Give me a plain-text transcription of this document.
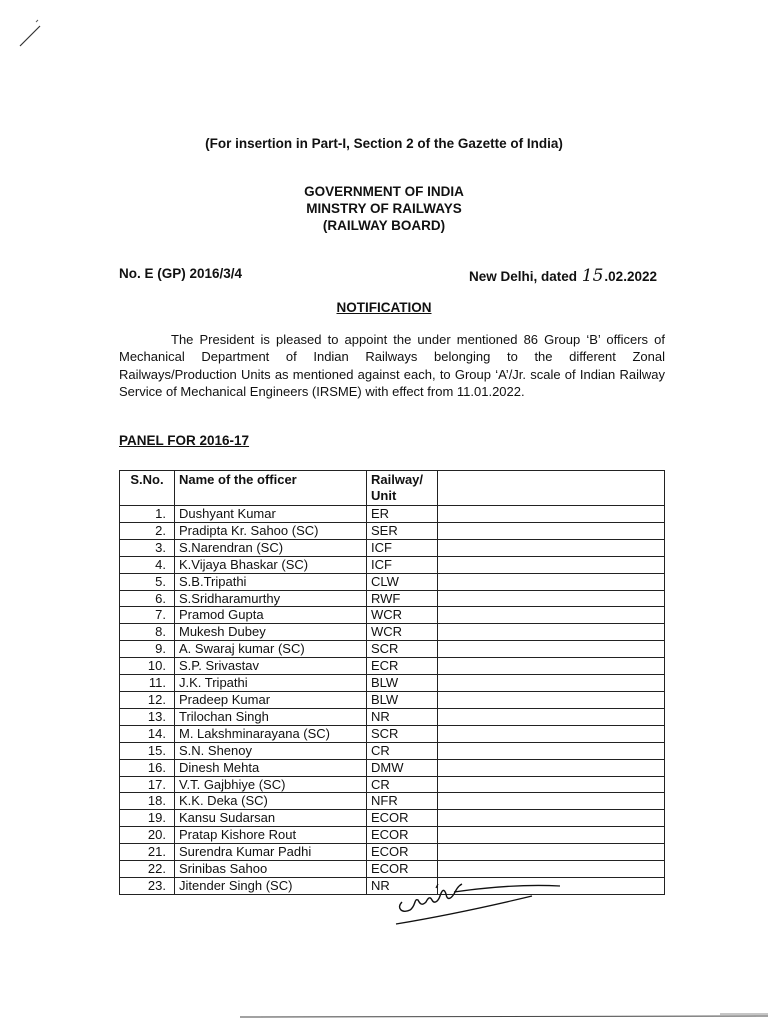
(For insertion in Part-I, Section 2 of the Gazette of India)
GOVERNMENT OF INDIA
MINSTRY OF RAILWAYS
(RAILWAY BOARD)
No. E (GP) 2016/3/4	New Delhi, dated 15.02.2022
NOTIFICATION

The President is pleased to appoint the under mentioned 86 Group ‘B’ officers of Mechanical Department of Indian Railways belonging to the different Zonal Railways/Production Units as mentioned against each, to Group ‘A’/Jr. scale of Indian Railway Service of Mechanical Engineers (IRSME) with effect from 11.01.2022.

PANEL FOR 2016-17
S.No.	Name of the officer	Railway/ Unit	
1.	Dushyant Kumar	ER	
2.	Pradipta Kr. Sahoo (SC)	SER	
3.	S.Narendran (SC)	ICF	
4.	K.Vijaya Bhaskar (SC)	ICF	
5.	S.B.Tripathi	CLW	
6.	S.Sridharamurthy	RWF	
7.	Pramod Gupta	WCR	
8.	Mukesh Dubey	WCR	
9.	A. Swaraj kumar (SC)	SCR	
10.	S.P. Srivastav	ECR	
11.	J.K. Tripathi	BLW	
12.	Pradeep Kumar	BLW	
13.	Trilochan Singh	NR	
14.	M. Lakshminarayana (SC)	SCR	
15.	S.N. Shenoy	CR	
16.	Dinesh Mehta	DMW	
17.	V.T. Gajbhiye (SC)	CR	
18.	K.K. Deka (SC)	NFR	
19.	Kansu Sudarsan	ECOR	
20.	Pratap Kishore Rout	ECOR	
21.	Surendra Kumar Padhi	ECOR	
22.	Srinibas Sahoo	ECOR	
23.	Jitender Singh (SC)	NR	
